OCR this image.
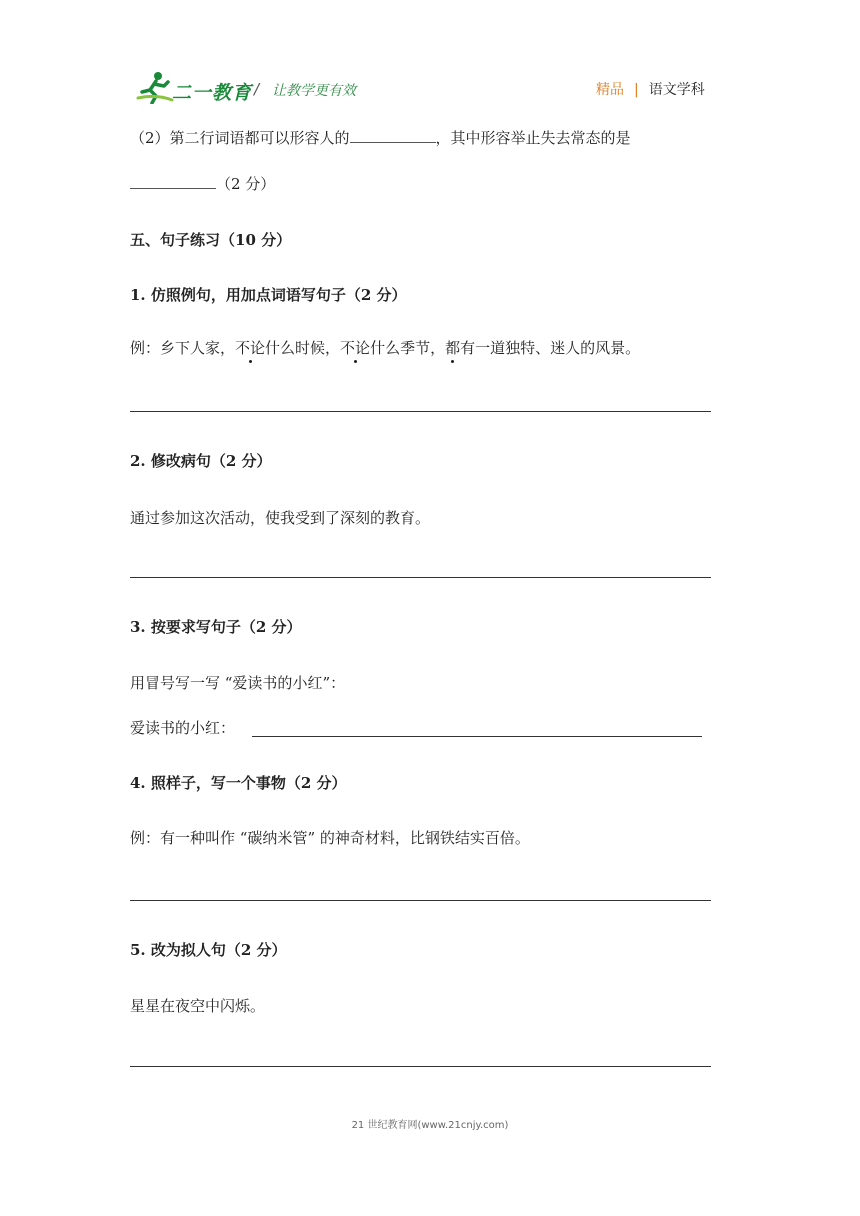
二一教育 / 让教学更有效	精品 | 语文学科
（2）第二行词语都可以形容人的	，其中形容举止失去常态的是
（2 分）
五、句子练习（10 分）
1. 仿照例句，用加点词语写句子（2 分）
例：乡下人家，不论什么时候，不论什么季节，都有一道独特、迷人的风景。
2. 修改病句（2 分）
通过参加这次活动，使我受到了深刻的教育。
3. 按要求写句子（2 分）
用冒号写一写 “爱读书的小红”：
爱读书的小红：
4. 照样子，写一个事物（2 分）
例：有一种叫作 “碳纳米管” 的神奇材料，比钢铁结实百倍。
5. 改为拟人句（2 分）
星星在夜空中闪烁。
21 世纪教育网(www.21cnjy.com)
